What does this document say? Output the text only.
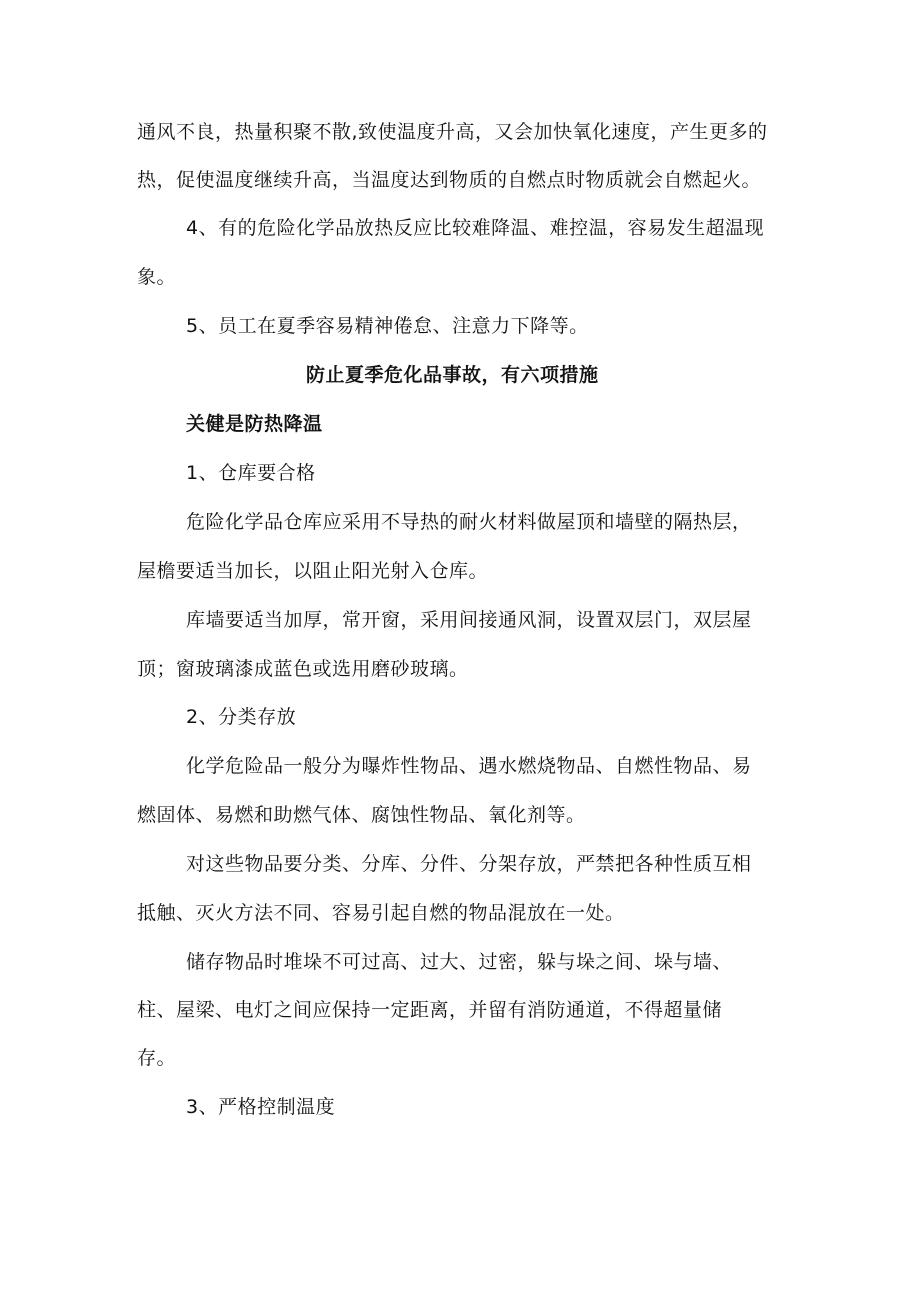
通风不良，热量积聚不散,致使温度升高，又会加快氧化速度，产生更多的
热，促使温度继续升高，当温度达到物质的自燃点时物质就会自燃起火。
4、有的危险化学品放热反应比较难降温、难控温，容易发生超温现
象。
5、员工在夏季容易精神倦怠、注意力下降等。
防止夏季危化品事故，有六项措施
关健是防热降温
1、仓库要合格
危险化学品仓库应采用不导热的耐火材料做屋顶和墙壁的隔热层，
屋檐要适当加长，以阻止阳光射入仓库。
库墙要适当加厚，常开窗，采用间接通风洞，设置双层门，双层屋
顶；窗玻璃漆成蓝色或选用磨砂玻璃。
2、分类存放
化学危险品一般分为曝炸性物品、遇水燃烧物品、自燃性物品、易
燃固体、易燃和助燃气体、腐蚀性物品、氧化剂等。
对这些物品要分类、分库、分件、分架存放，严禁把各种性质互相
抵触、灭火方法不同、容易引起自燃的物品混放在一处。
储存物品时堆垛不可过高、过大、过密，躲与垛之间、垛与墙、
柱、屋梁、电灯之间应保持一定距离，并留有消防通道，不得超量储
存。
3、严格控制温度
